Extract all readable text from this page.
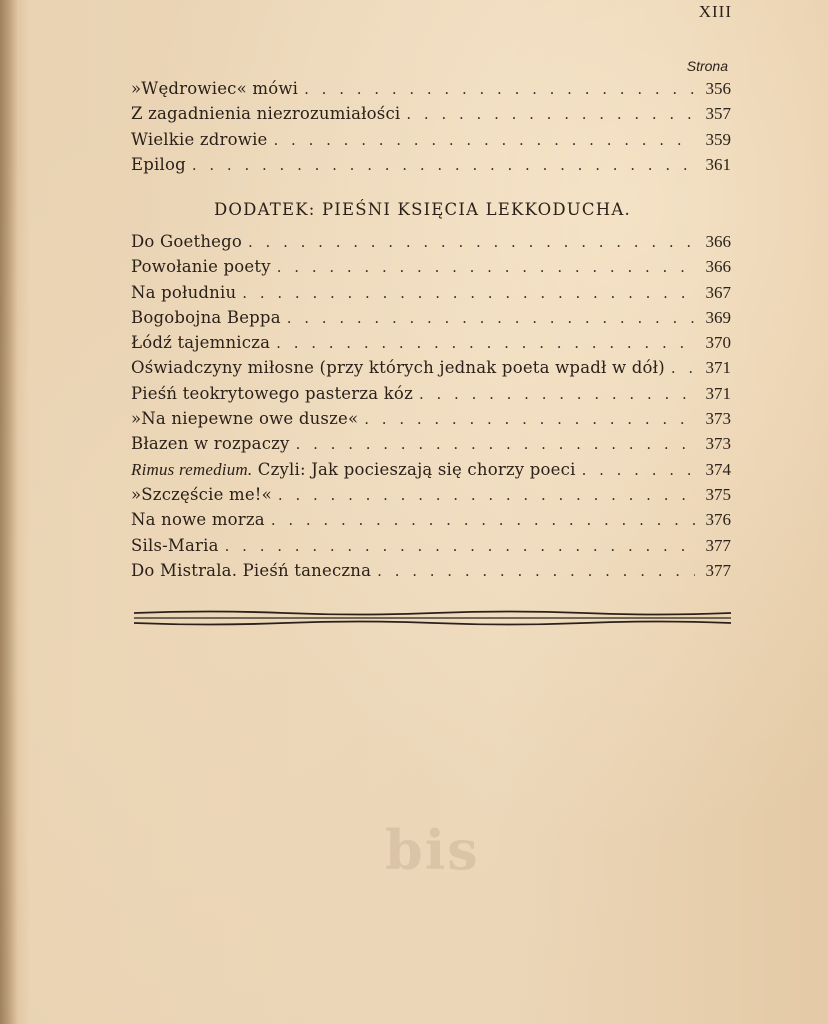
XIII
Strona
»Wędrowiec« mówi . . .	356
Z zagadnienia niezrozumiałości . . .	357
Wielkie zdrowie . . .	359
Epilog . . .	361
DODATEK: PIEŚNI KSIĘCIA LEKKODUCHA.
Do Goethego . . .	366
Powołanie poety . . .	366
Na południu . . .	367
Bogobojna Beppa . . .	369
Łódź tajemnicza . . .	370
Oświadczyny miłosne (przy których jednak poeta wpadł w dół) . . .	371
Pieśń teokrytowego pasterza kóz . . .	371
»Na niepewne owe dusze« . . .	373
Błazen w rozpaczy . . .	373
Rimus remedium. Czyli: Jak pocieszają się chorzy poeci . . .	374
»Szczęście me!« . . .	375
Na nowe morza . . .	376
Sils-Maria . . .	377
Do Mistrala. Pieśń taneczna . . .	377
bis
